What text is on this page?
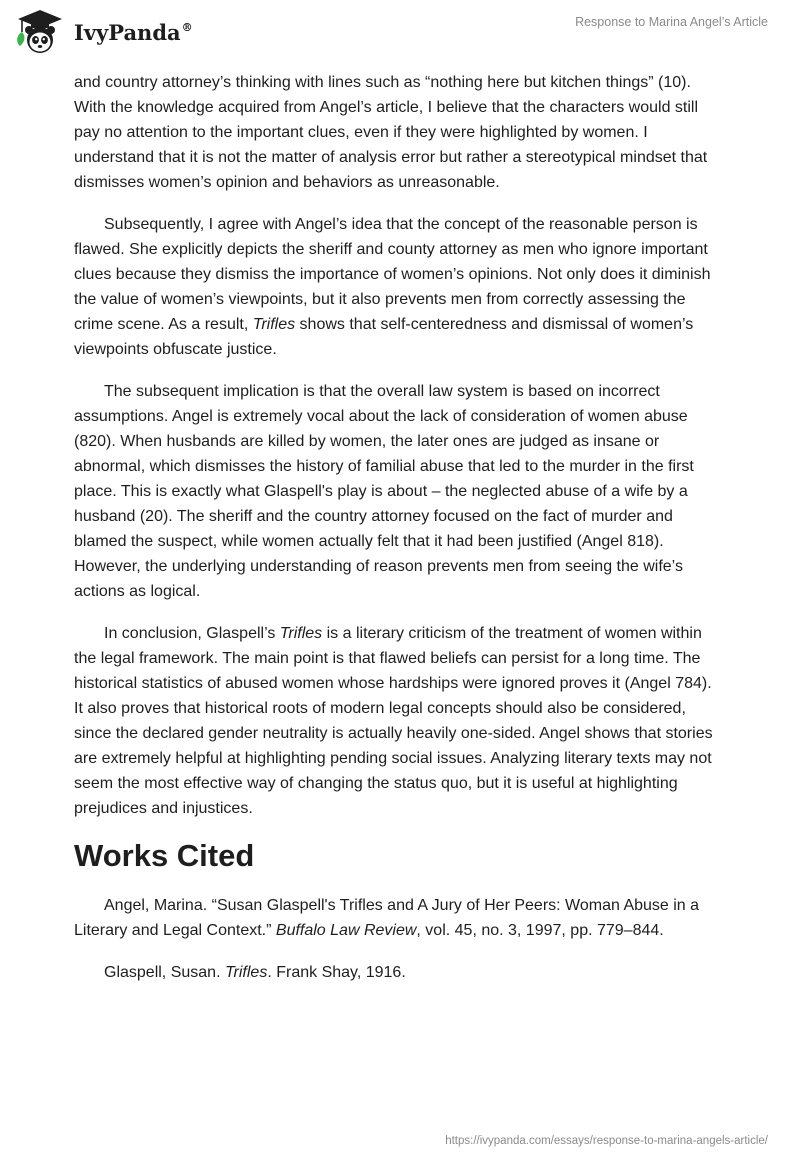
IvyPanda®	Response to Marina Angel’s Article

and country attorney’s thinking with lines such as “nothing here but kitchen things” (10). With the knowledge acquired from Angel’s article, I believe that the characters would still pay no attention to the important clues, even if they were highlighted by women. I understand that it is not the matter of analysis error but rather a stereotypical mindset that dismisses women’s opinion and behaviors as unreasonable.

Subsequently, I agree with Angel’s idea that the concept of the reasonable person is flawed. She explicitly depicts the sheriff and county attorney as men who ignore important clues because they dismiss the importance of women’s opinions. Not only does it diminish the value of women’s viewpoints, but it also prevents men from correctly assessing the crime scene. As a result, Trifles shows that self-centeredness and dismissal of women’s viewpoints obfuscate justice.

The subsequent implication is that the overall law system is based on incorrect assumptions. Angel is extremely vocal about the lack of consideration of women abuse (820). When husbands are killed by women, the later ones are judged as insane or abnormal, which dismisses the history of familial abuse that led to the murder in the first place. This is exactly what Glaspell's play is about – the neglected abuse of a wife by a husband (20). The sheriff and the country attorney focused on the fact of murder and blamed the suspect, while women actually felt that it had been justified (Angel 818). However, the underlying understanding of reason prevents men from seeing the wife’s actions as logical.

In conclusion, Glaspell’s Trifles is a literary criticism of the treatment of women within the legal framework. The main point is that flawed beliefs can persist for a long time. The historical statistics of abused women whose hardships were ignored proves it (Angel 784). It also proves that historical roots of modern legal concepts should also be considered, since the declared gender neutrality is actually heavily one-sided. Angel shows that stories are extremely helpful at highlighting pending social issues. Analyzing literary texts may not seem the most effective way of changing the status quo, but it is useful at highlighting prejudices and injustices.

Works Cited

Angel, Marina. “Susan Glaspell's Trifles and A Jury of Her Peers: Woman Abuse in a Literary and Legal Context.” Buffalo Law Review, vol. 45, no. 3, 1997, pp. 779–844.

Glaspell, Susan. Trifles. Frank Shay, 1916.

https://ivypanda.com/essays/response-to-marina-angels-article/
